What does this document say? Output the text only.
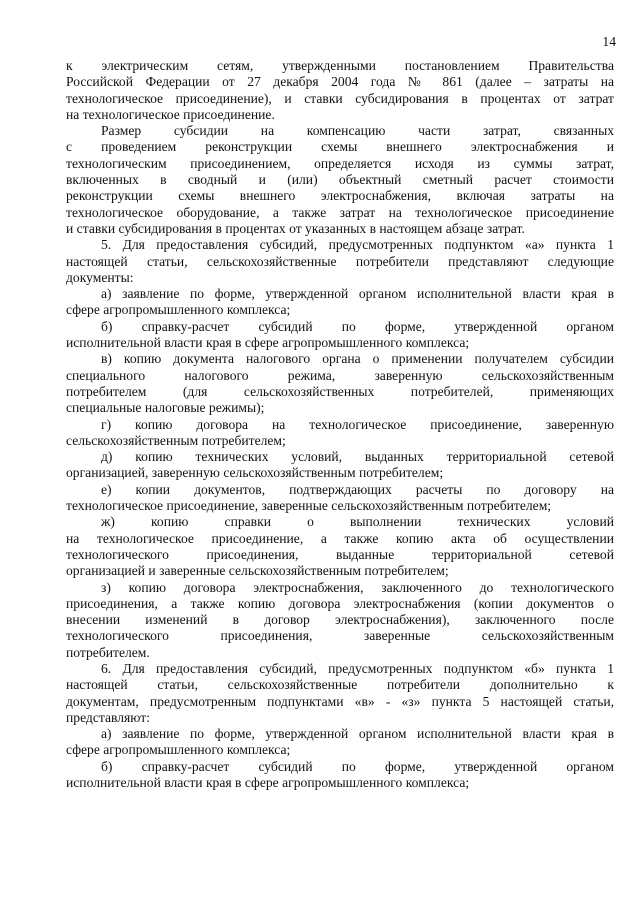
14
к электрическим сетям, утвержденными постановлением Правительства
Российской Федерации от 27 декабря 2004 года № 861 (далее – затраты на
технологическое присоединение), и ставки субсидирования в процентах от затрат
на технологическое присоединение.
Размер субсидии на компенсацию части затрат, связанных
с проведением реконструкции схемы внешнего электроснабжения и
технологическим присоединением, определяется исходя из суммы затрат,
включенных в сводный и (или) объектный сметный расчет стоимости
реконструкции схемы внешнего электроснабжения, включая затраты на
технологическое оборудование, а также затрат на технологическое присоединение
и ставки субсидирования в процентах от указанных в настоящем абзаце затрат.
5. Для предоставления субсидий, предусмотренных подпунктом «а» пункта 1
настоящей статьи, сельскохозяйственные потребители представляют следующие
документы:
а) заявление по форме, утвержденной органом исполнительной власти края в
сфере агропромышленного комплекса;
б) справку-расчет субсидий по форме, утвержденной органом
исполнительной власти края в сфере агропромышленного комплекса;
в) копию документа налогового органа о применении получателем субсидии
специального налогового режима, заверенную сельскохозяйственным
потребителем (для сельскохозяйственных потребителей, применяющих
специальные налоговые режимы);
г) копию договора на технологическое присоединение, заверенную
сельскохозяйственным потребителем;
д) копию технических условий, выданных территориальной сетевой
организацией, заверенную сельскохозяйственным потребителем;
е) копии документов, подтверждающих расчеты по договору на
технологическое присоединение, заверенные сельскохозяйственным потребителем;
ж) копию справки о выполнении технических условий
на технологическое присоединение, а также копию акта об осуществлении
технологического присоединения, выданные территориальной сетевой
организацией и заверенные сельскохозяйственным потребителем;
з) копию договора электроснабжения, заключенного до технологического
присоединения, а также копию договора электроснабжения (копии документов о
внесении изменений в договор электроснабжения), заключенного после
технологического присоединения, заверенные сельскохозяйственным
потребителем.
6. Для предоставления субсидий, предусмотренных подпунктом «б» пункта 1
настоящей статьи, сельскохозяйственные потребители дополнительно к
документам, предусмотренным подпунктами «в» - «з» пункта 5 настоящей статьи,
представляют:
а) заявление по форме, утвержденной органом исполнительной власти края в
сфере агропромышленного комплекса;
б) справку-расчет субсидий по форме, утвержденной органом
исполнительной власти края в сфере агропромышленного комплекса;
